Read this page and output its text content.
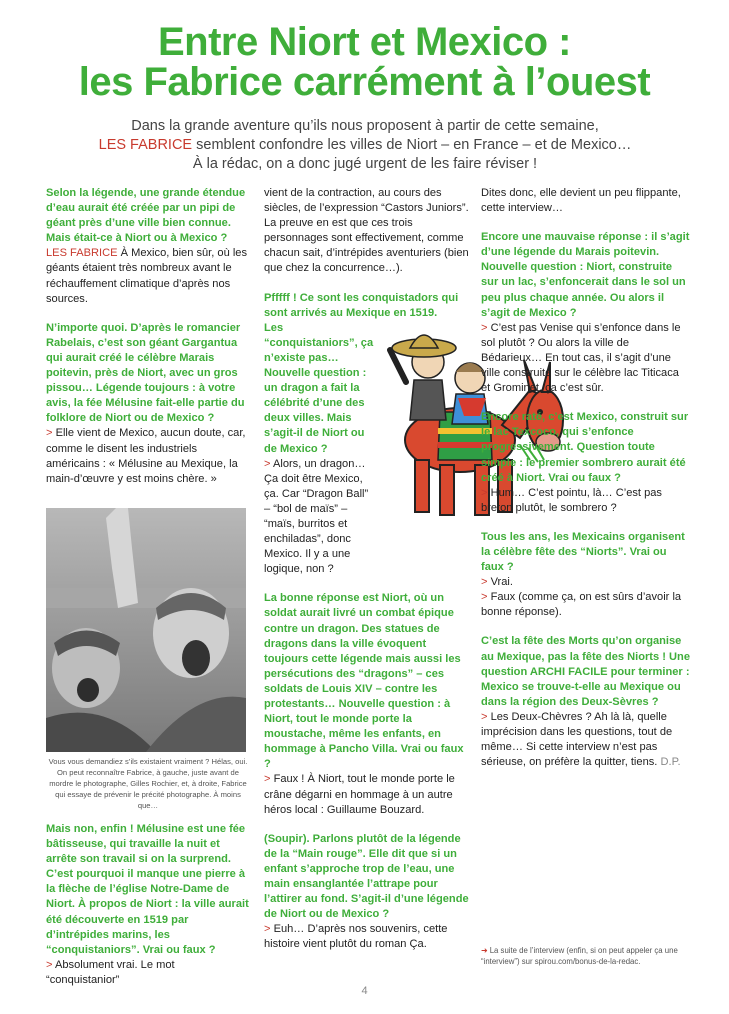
Entre Niort et Mexico :
les Fabrice carrément à l’ouest
Dans la grande aventure qu’ils nous proposent à partir de cette semaine,
LES FABRICE semblent confondre les villes de Niort – en France – et de Mexico…
À la rédac, on a donc jugé urgent de les faire réviser !
Selon la légende, une grande étendue d’eau aurait été créée par un pipi de géant près d’une ville bien connue. Mais était-ce à Niort ou à Mexico ?
LES FABRICE À Mexico, bien sûr, où les géants étaient très nombreux avant le réchauffement climatique d’après nos sources.
N’importe quoi. D’après le romancier Rabelais, c’est son géant Gargantua qui aurait créé le célèbre Marais poitevin, près de Niort, avec un gros pissou… Légende toujours : à votre avis, la fée Mélusine fait-elle partie du folklore de Niort ou de Mexico ?
> Elle vient de Mexico, aucun doute, car, comme le disent les industriels américains : « Mélusine au Mexique, la main-d’œuvre y est moins chère. »
Vous vous demandiez s’ils existaient vraiment ? Hélas, oui. On peut reconnaître Fabrice, à gauche, juste avant de mordre le photographe, Gilles Rochier, et, à droite, Fabrice qui essaye de prévenir le précité photographe. À moins que…
Mais non, enfin ! Mélusine est une fée bâtisseuse, qui travaille la nuit et arrête son travail si on la surprend. C’est pourquoi il manque une pierre à la flèche de l’église Notre-Dame de Niort. À propos de Niort : la ville aurait été découverte en 1519 par d’intrépides marins, les “conquistaniors”. Vrai ou faux ?
> Absolument vrai. Le mot “conquistanior”
vient de la contraction, au cours des siècles, de l’expression “Castors Juniors”. La preuve en est que ces trois personnages sont effectivement, comme chacun sait, d’intrépides aventuriers (bien que chez la concurrence…).
Pfffff ! Ce sont les conquistadors qui sont arrivés au Mexique en 1519.
Les “conquistaniors”, ça n’existe pas… Nouvelle question : un dragon a fait la célébrité d’une des deux villes. Mais s’agit-il de Niort ou de Mexico ?
> Alors, un dragon… Ça doit être Mexico, ça. Car “Dragon Ball” – “bol de maïs” – “maïs, burritos et enchiladas”, donc Mexico. Il y a une logique, non ?
La bonne réponse est Niort, où un soldat aurait livré un combat épique contre un dragon. Des statues de dragons dans la ville évoquent toujours cette légende mais aussi les persécutions des “dragons” – ces soldats de Louis XIV – contre les protestants… Nouvelle question : à Niort, tout le monde porte la moustache, même les enfants, en hommage à Pancho Villa. Vrai ou faux ?
> Faux ! À Niort, tout le monde porte le crâne dégarni en hommage à un autre héros local : Guillaume Bouzard.
(Soupir). Parlons plutôt de la légende de la “Main rouge”. Elle dit que si un enfant s’approche trop de l’eau, une main ensanglantée l’attrape pour l’attirer au fond. S’agit-il d’une légende de Niort ou de Mexico ?
> Euh… D’après nos souvenirs, cette histoire vient plutôt du roman Ça.
Dites donc, elle devient un peu flippante, cette interview…
Encore une mauvaise réponse : il s’agit d’une légende du Marais poitevin. Nouvelle question : Niort, construite sur un lac, s’enfoncerait dans le sol un peu plus chaque année. Ou alors il s’agit de Mexico ?
> C’est pas Venise qui s’enfonce dans le sol plutôt ? Ou alors la ville de Bédarieux… En tout cas, il s’agit d’une ville construite sur le célèbre lac Titicaca et Grominet, ça c’est sûr.
Encore raté, c’est Mexico, construit sur le lac Texcoco, qui s’enfonce progressivement. Question toute simple : le premier sombrero aurait été créé à Niort. Vrai ou faux ?
> Hum… C’est pointu, là… C’est pas breton plutôt, le sombrero ?
Tous les ans, les Mexicains organisent la célèbre fête des “Niorts”. Vrai ou faux ?
> Vrai.
> Faux (comme ça, on est sûrs d’avoir la bonne réponse).
C’est la fête des Morts qu’on organise au Mexique, pas la fête des Niorts ! Une question ARCHI FACILE pour terminer : Mexico se trouve-t-elle au Mexique ou dans la région des Deux-Sèvres ?
> Les Deux-Chèvres ? Ah là là, quelle imprécision dans les questions, tout de même… Si cette interview n’est pas sérieuse, on préfère la quitter, tiens. D.P.
➜ La suite de l’interview (enfin, si on peut appeler ça une “interview”) sur spirou.com/bonus-de-la-redac.
4
